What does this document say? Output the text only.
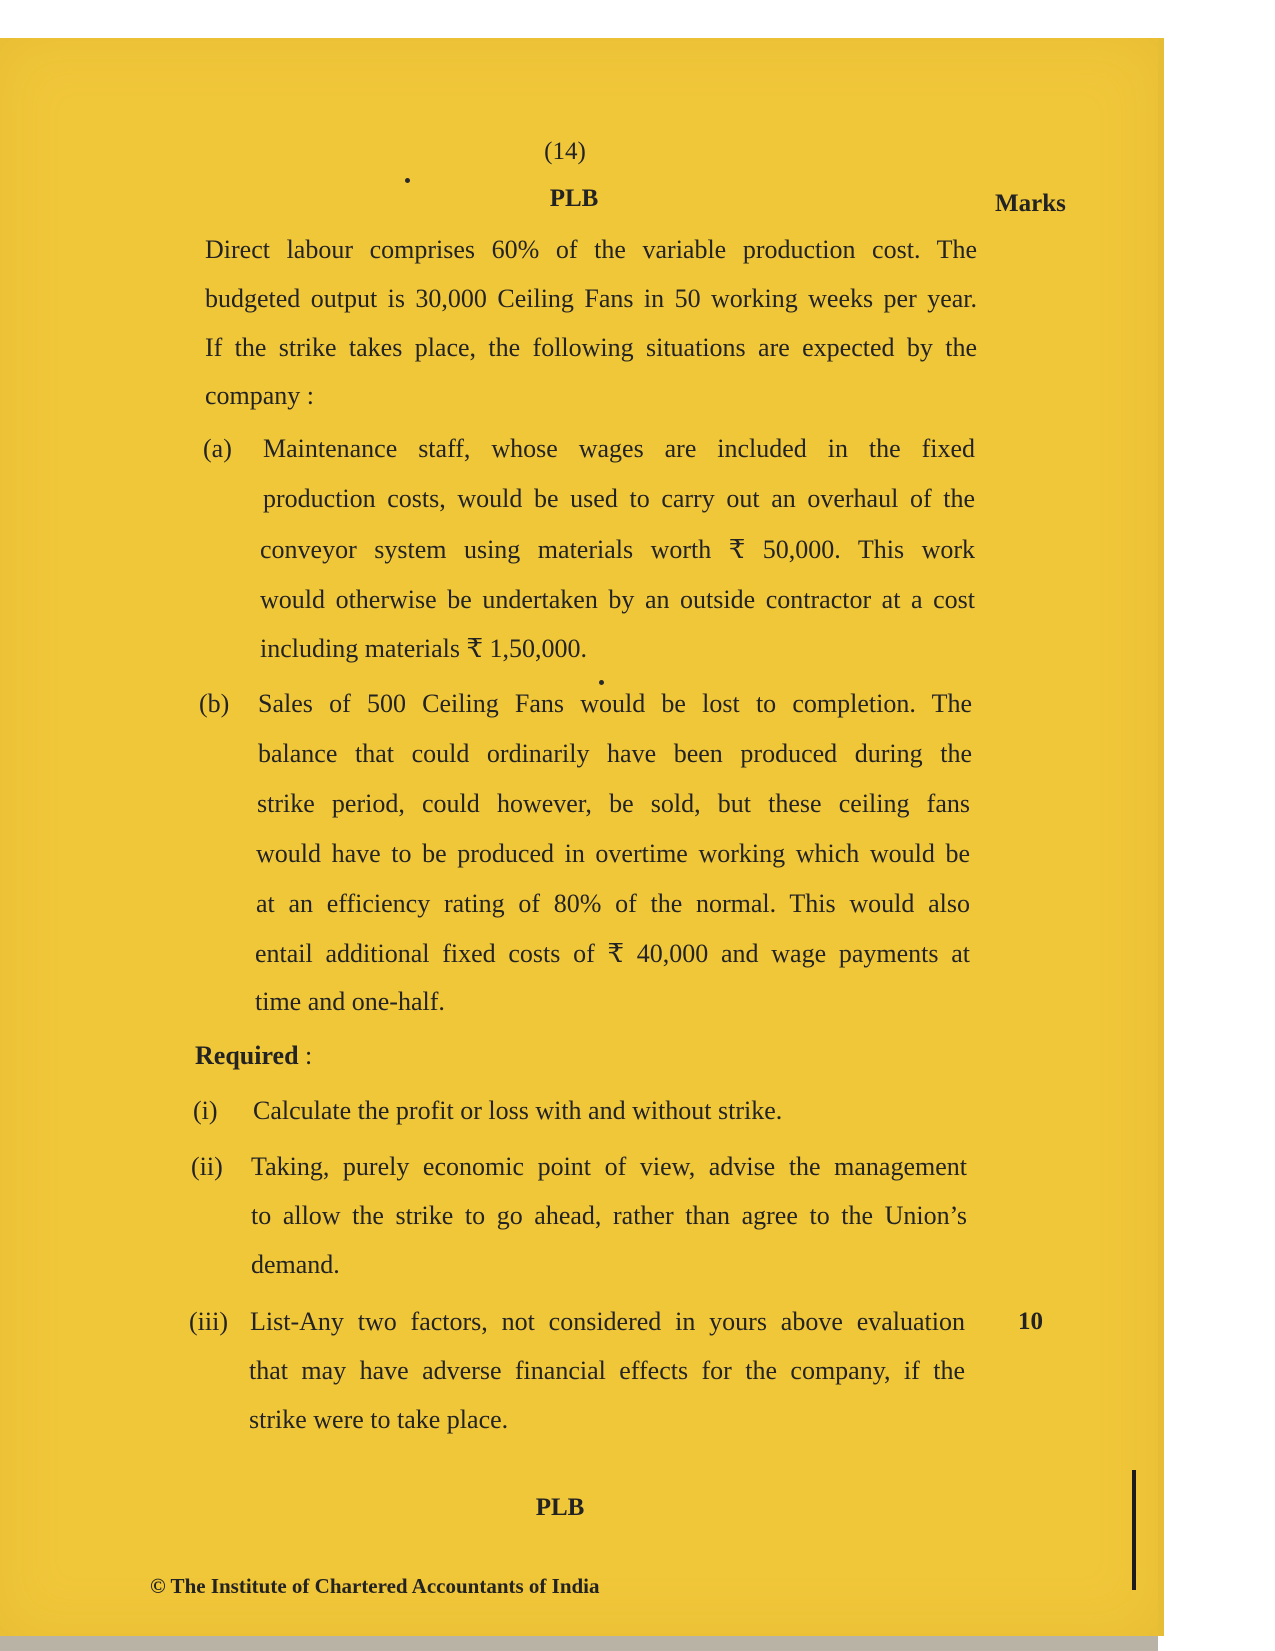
(14)
PLB	Marks
Direct labour comprises 60% of the variable production cost. The
budgeted output is 30,000 Ceiling Fans in 50 working weeks per year.
If the strike takes place, the following situations are expected by the
company :
(a) Maintenance staff, whose wages are included in the fixed
production costs, would be used to carry out an overhaul of the
conveyor system using materials worth ₹ 50,000. This work
would otherwise be undertaken by an outside contractor at a cost
including materials ₹ 1,50,000.
(b) Sales of 500 Ceiling Fans would be lost to completion. The
balance that could ordinarily have been produced during the
strike period, could however, be sold, but these ceiling fans
would have to be produced in overtime working which would be
at an efficiency rating of 80% of the normal. This would also
entail additional fixed costs of ₹ 40,000 and wage payments at
time and one-half.
Required :
(i) Calculate the profit or loss with and without strike.
(ii) Taking, purely economic point of view, advise the management
to allow the strike to go ahead, rather than agree to the Union’s
demand.
(iii) List-Any two factors, not considered in yours above evaluation
that may have adverse financial effects for the company, if the
strike were to take place.
10
PLB
© The Institute of Chartered Accountants of India
